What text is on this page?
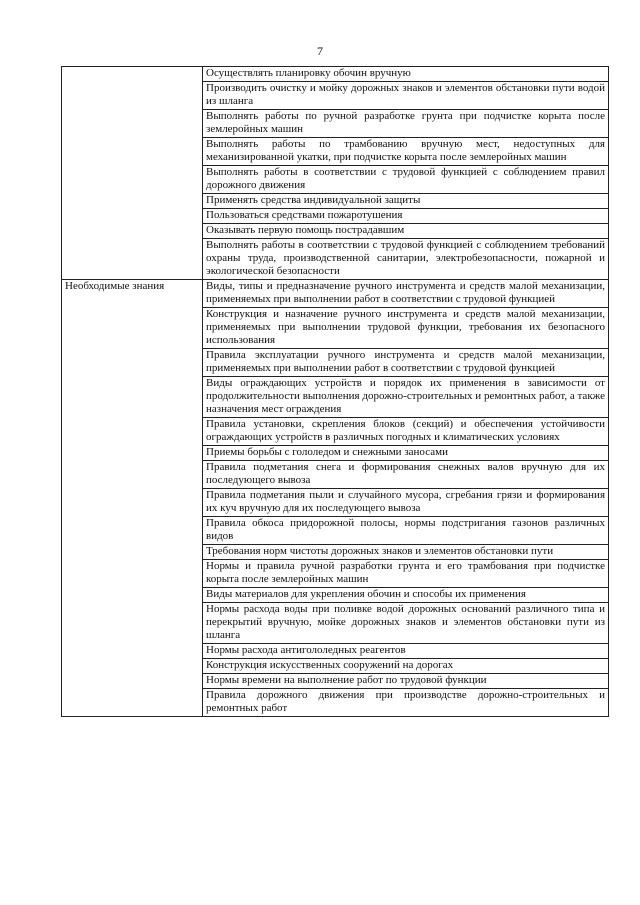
7
	Осуществлять планировку обочин вручную
	Производить очистку и мойку дорожных знаков и элементов обстановки пути водой из шланга
	Выполнять работы по ручной разработке грунта при подчистке корыта после землеройных машин
	Выполнять работы по трамбованию вручную мест, недоступных для механизированной укатки, при подчистке корыта после землеройных машин
	Выполнять работы в соответствии с трудовой функцией с соблюдением правил дорожного движения
	Применять средства индивидуальной защиты
	Пользоваться средствами пожаротушения
	Оказывать первую помощь пострадавшим
	Выполнять работы в соответствии с трудовой функцией с соблюдением требований охраны труда, производственной санитарии, электробезопасности, пожарной и экологической безопасности
Необходимые знания	Виды, типы и предназначение ручного инструмента и средств малой механизации, применяемых при выполнении работ в соответствии с трудовой функцией
	Конструкция и назначение ручного инструмента и средств малой механизации, применяемых при выполнении трудовой функции, требования их безопасного использования
	Правила эксплуатации ручного инструмента и средств малой механизации, применяемых при выполнении работ в соответствии с трудовой функцией
	Виды ограждающих устройств и порядок их применения в зависимости от продолжительности выполнения дорожно-строительных и ремонтных работ, а также назначения мест ограждения
	Правила установки, скрепления блоков (секций) и обеспечения устойчивости ограждающих устройств в различных погодных и климатических условиях
	Приемы борьбы с гололедом и снежными заносами
	Правила подметания снега и формирования снежных валов вручную для их последующего вывоза
	Правила подметания пыли и случайного мусора, сгребания грязи и формирования их куч вручную для их последующего вывоза
	Правила обкоса придорожной полосы, нормы подстригания газонов различных видов
	Требования норм чистоты дорожных знаков и элементов обстановки пути
	Нормы и правила ручной разработки грунта и его трамбования при подчистке корыта после землеройных машин
	Виды материалов для укрепления обочин и способы их применения
	Нормы расхода воды при поливке водой дорожных оснований различного типа и перекрытий вручную, мойке дорожных знаков и элементов обстановки пути из шланга
	Нормы расхода антигололедных реагентов
	Конструкция искусственных сооружений на дорогах
	Нормы времени на выполнение работ по трудовой функции
	Правила дорожного движения при производстве дорожно-строительных и ремонтных работ
